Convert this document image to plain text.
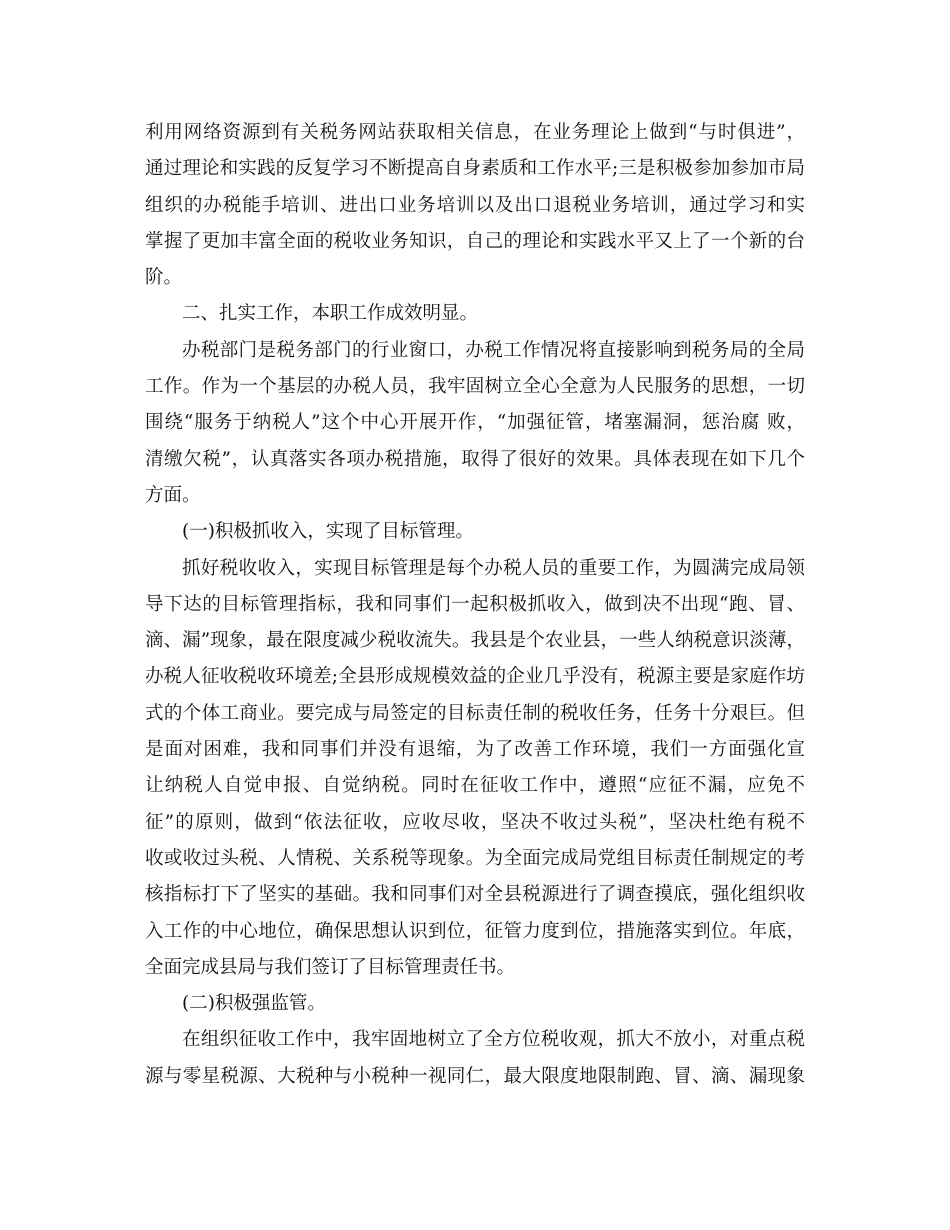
利用网络资源到有关税务网站获取相关信息，在业务理论上做到“与时俱进”，
通过理论和实践的反复学习不断提高自身素质和工作水平;三是积极参加参加市局
组织的办税能手培训、进出口业务培训以及出口退税业务培训，通过学习和实
掌握了更加丰富全面的税收业务知识，自己的理论和实践水平又上了一个新的台
阶。
二、扎实工作，本职工作成效明显。
办税部门是税务部门的行业窗口，办税工作情况将直接影响到税务局的全局
工作。作为一个基层的办税人员，我牢固树立全心全意为人民服务的思想，一切
围绕“服务于纳税人”这个中心开展开作，“加强征管，堵塞漏洞，惩治腐 败，
清缴欠税”，认真落实各项办税措施，取得了很好的效果。具体表现在如下几个
方面。
(一)积极抓收入，实现了目标管理。
抓好税收收入，实现目标管理是每个办税人员的重要工作，为圆满完成局领
导下达的目标管理指标，我和同事们一起积极抓收入，做到决不出现“跑、冒、
滴、漏”现象，最在限度减少税收流失。我县是个农业县，一些人纳税意识淡薄，
办税人征收税收环境差;全县形成规模效益的企业几乎没有，税源主要是家庭作坊
式的个体工商业。要完成与局签定的目标责任制的税收任务，任务十分艰巨。但
是面对困难，我和同事们并没有退缩，为了改善工作环境，我们一方面强化宣
让纳税人自觉申报、自觉纳税。同时在征收工作中，遵照“应征不漏，应免不
征”的原则，做到“依法征收，应收尽收，坚决不收过头税”，坚决杜绝有税不
收或收过头税、人情税、关系税等现象。为全面完成局党组目标责任制规定的考
核指标打下了坚实的基础。我和同事们对全县税源进行了调查摸底，强化组织收
入工作的中心地位，确保思想认识到位，征管力度到位，措施落实到位。年底，
全面完成县局与我们签订了目标管理责任书。
(二)积极强监管。
在组织征收工作中，我牢固地树立了全方位税收观，抓大不放小，对重点税
源与零星税源、大税种与小税种一视同仁，最大限度地限制跑、冒、滴、漏现象
